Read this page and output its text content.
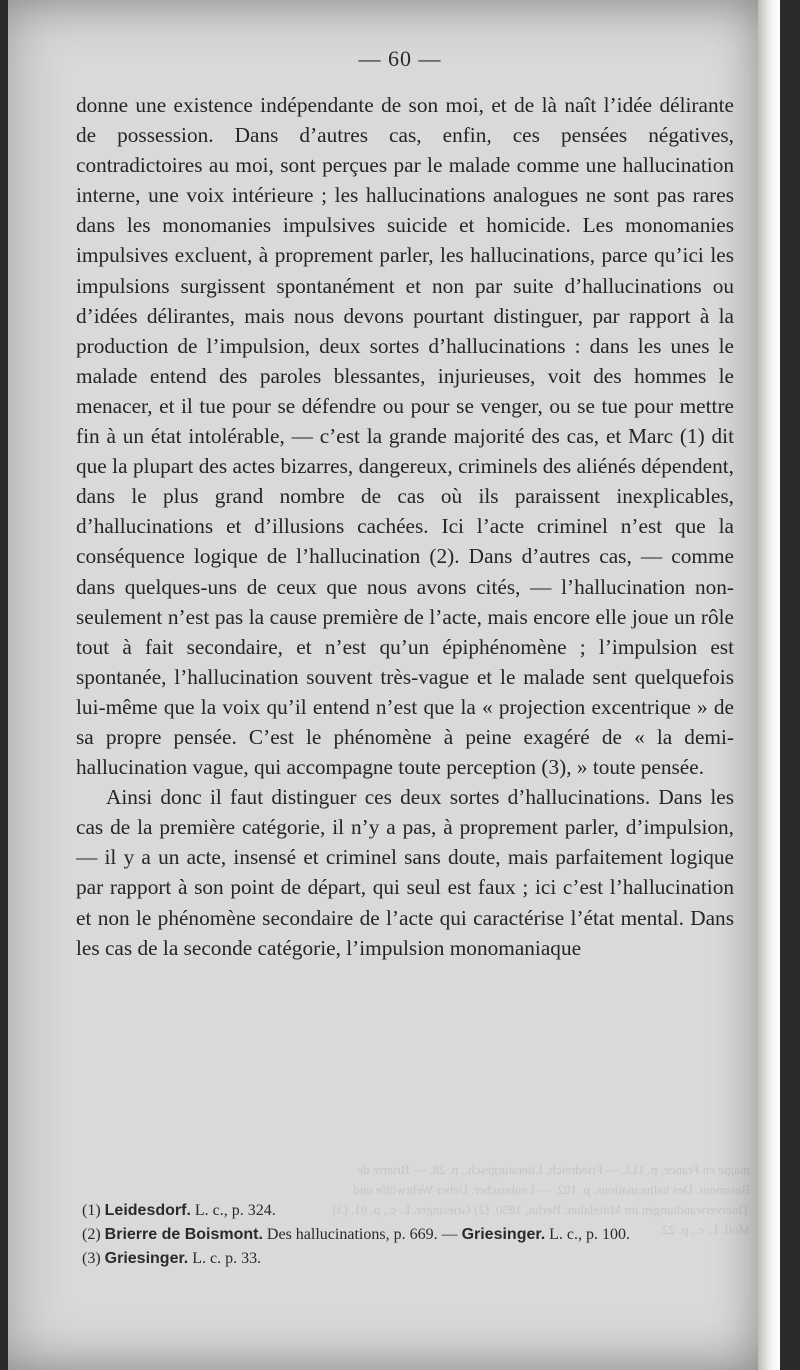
magie en France, p. 113. — Friedreich, Literaturgesch., p. 28. — Brierre de Boismont. Des hallucinations, p. 102. — Leubuscher, Ueber Wehrwölfe und Thierverwandlungen im Mittelalter. Berlin, 1850. (2) Griesinger. L. c., p. 91. (3) Moll. L. c., p. 22.
— 60 —

donne une existence indépendante de son moi, et de là naît l’idée délirante de possession. Dans d’autres cas, enfin, ces pensées négatives, contradictoires au moi, sont perçues par le malade comme une hallucination interne, une voix intérieure ; les hallucinations analogues ne sont pas rares dans les monomanies impulsives suicide et homicide. Les monomanies impulsives excluent, à proprement parler, les hallucinations, parce qu’ici les impulsions surgissent spontanément et non par suite d’hallucinations ou d’idées délirantes, mais nous devons pourtant distinguer, par rapport à la production de l’impulsion, deux sortes d’hallucinations : dans les unes le malade entend des paroles blessantes, injurieuses, voit des hommes le menacer, et il tue pour se défendre ou pour se venger, ou se tue pour mettre fin à un état intolérable, — c’est la grande majorité des cas, et Marc (1) dit que la plupart des actes bizarres, dangereux, criminels des aliénés dépendent, dans le plus grand nombre de cas où ils paraissent inexplicables, d’hallucinations et d’illusions cachées. Ici l’acte criminel n’est que la conséquence logique de l’hallucination (2). Dans d’autres cas, — comme dans quelques-uns de ceux que nous avons cités, — l’hallucination non-seulement n’est pas la cause première de l’acte, mais encore elle joue un rôle tout à fait secondaire, et n’est qu’un épiphénomène ; l’impulsion est spontanée, l’hallucination souvent très-vague et le malade sent quelquefois lui-même que la voix qu’il entend n’est que la « projection excentrique » de sa propre pensée. C’est le phénomène à peine exagéré de « la demi-hallucination vague, qui accompagne toute perception (3), » toute pensée.

Ainsi donc il faut distinguer ces deux sortes d’hallucinations. Dans les cas de la première catégorie, il n’y a pas, à proprement parler, d’impulsion, — il y a un acte, insensé et criminel sans doute, mais parfaitement logique par rapport à son point de départ, qui seul est faux ; ici c’est l’hallucination et non le phénomène secondaire de l’acte qui caractérise l’état mental. Dans les cas de la seconde catégorie, l’impulsion monomaniaque

(1) Leidesdorf. L. c., p. 324.

(2) Brierre de Boismont. Des hallucinations, p. 669. — Griesinger. L. c., p. 100.

(3) Griesinger. L. c. p. 33.
